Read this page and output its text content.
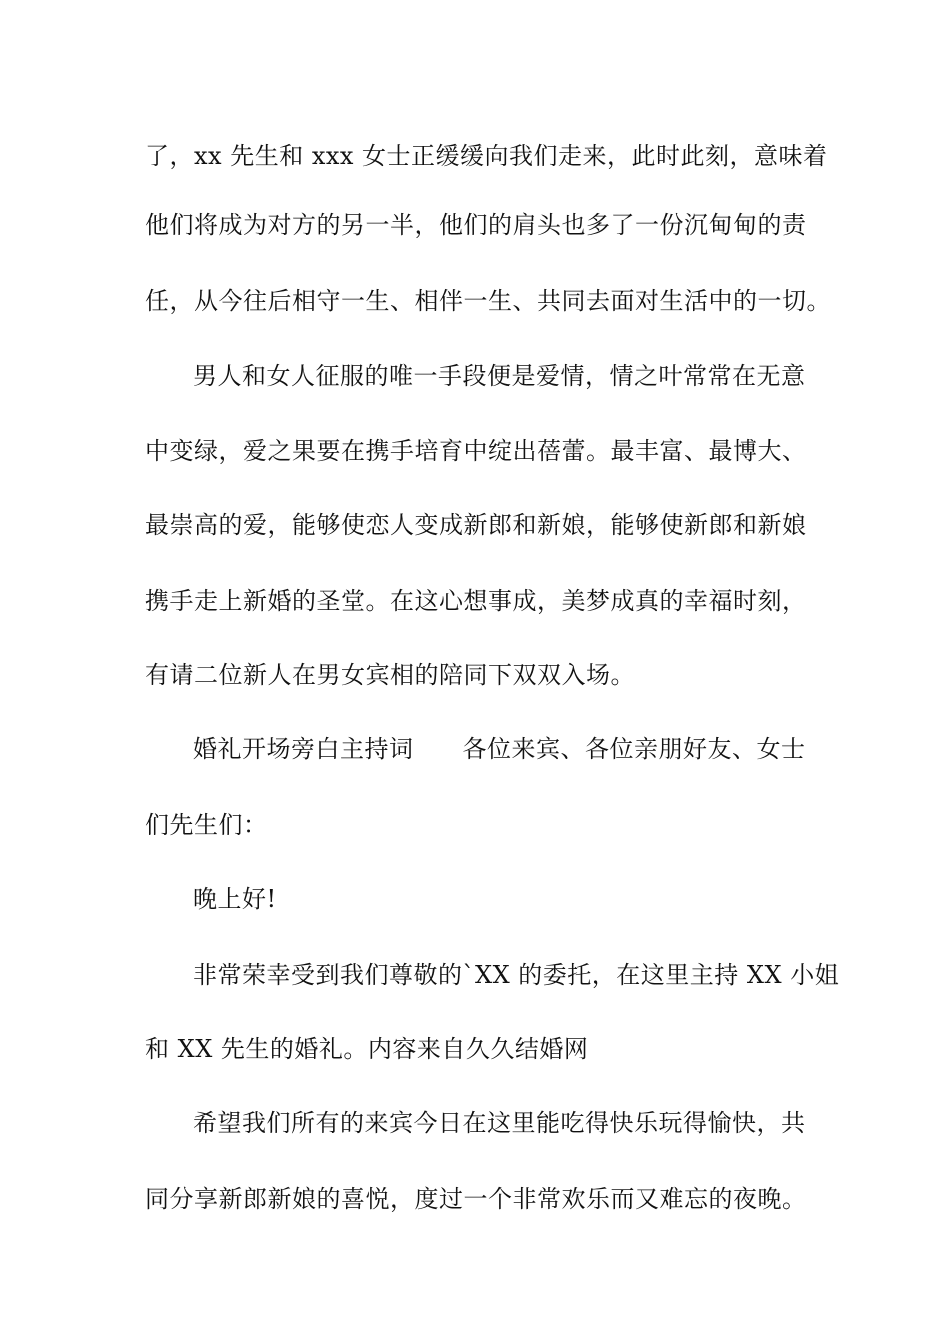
了，xx 先生和 xxx 女士正缓缓向我们走来，此时此刻，意味着
他们将成为对方的另一半，他们的肩头也多了一份沉甸甸的责
任，从今往后相守一生、相伴一生、共同去面对生活中的一切。
男人和女人征服的唯一手段便是爱情，情之叶常常在无意
中变绿，爱之果要在携手培育中绽出蓓蕾。最丰富、最博大、
最崇高的爱，能够使恋人变成新郎和新娘，能够使新郎和新娘
携手走上新婚的圣堂。在这心想事成，美梦成真的幸福时刻，
有请二位新人在男女宾相的陪同下双双入场。
婚礼开场旁白主持词　　各位来宾、各位亲朋好友、女士
们先生们：
晚上好!
非常荣幸受到我们尊敬的`XX 的委托，在这里主持 XX 小姐
和 XX 先生的婚礼。内容来自久久结婚网
希望我们所有的来宾今日在这里能吃得快乐玩得愉快，共
同分享新郎新娘的喜悦，度过一个非常欢乐而又难忘的夜晚。
